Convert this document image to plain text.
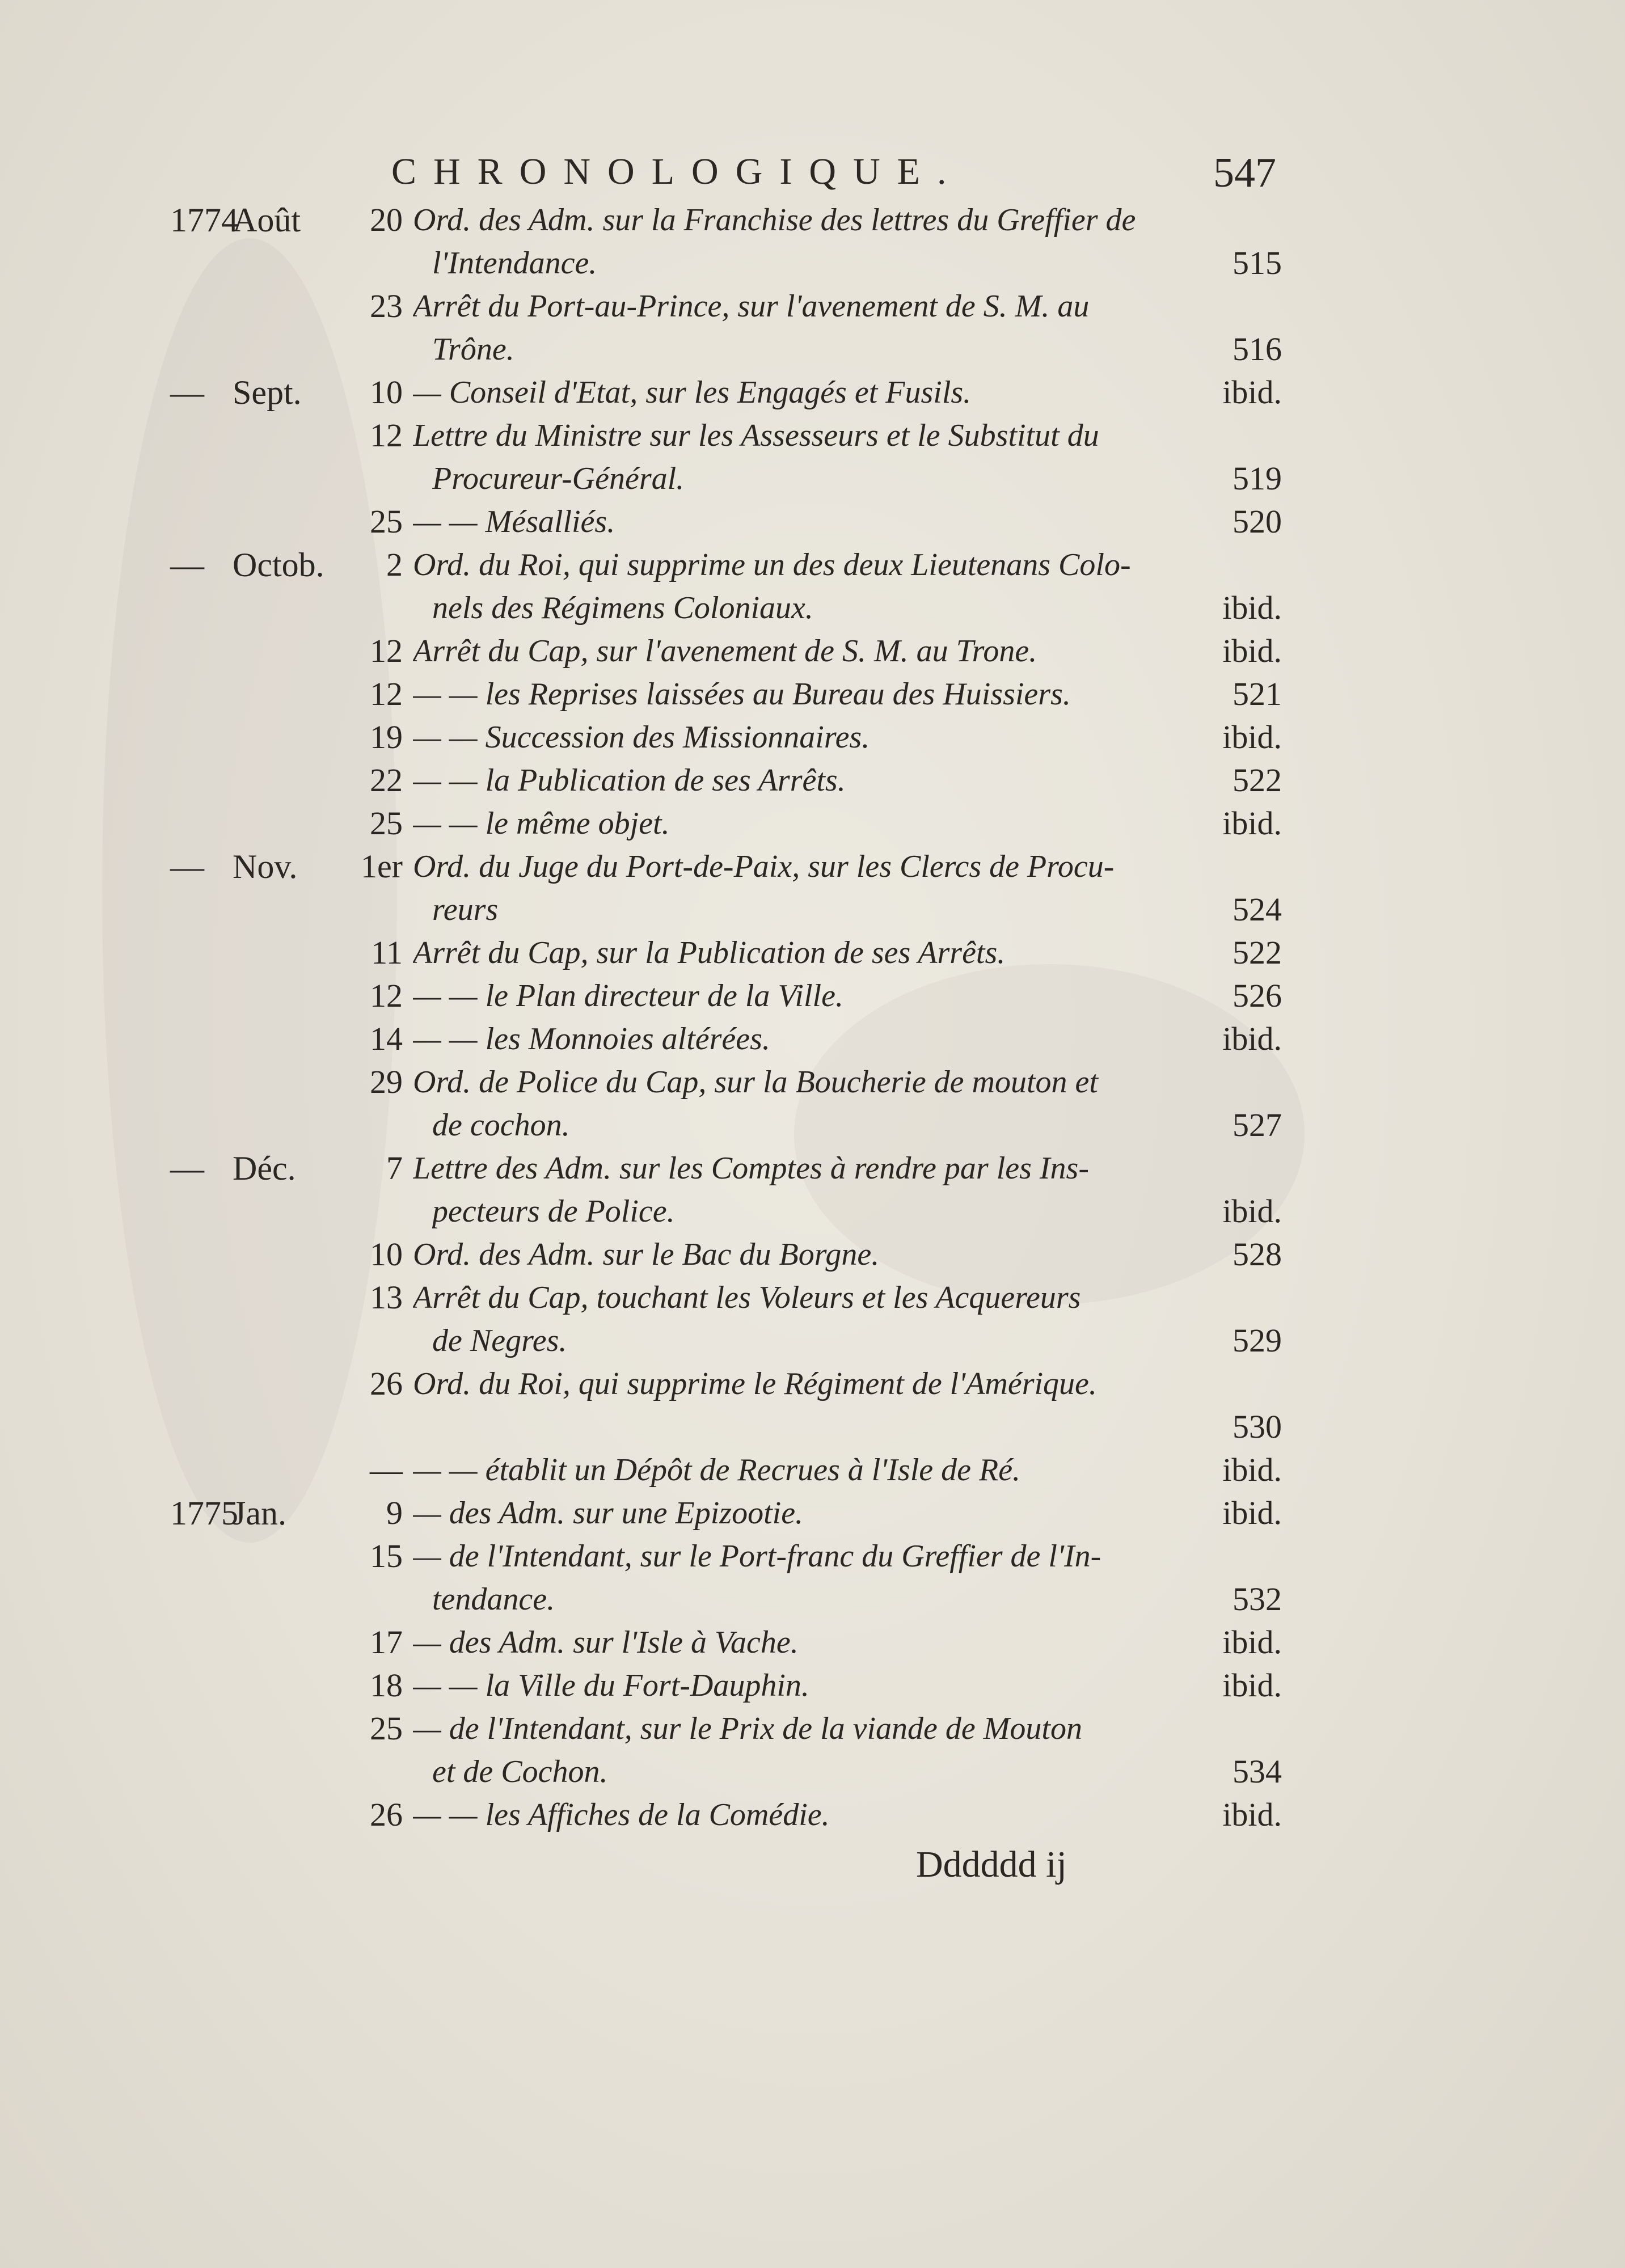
CHRONOLOGIQUE.	547
1774
Août	20 Ord. des Adm. sur la Franchise des lettres du Greffier de
l'Intendance.	515
23 Arrêt du Port-au-Prince, sur l'avenement de S. M. au
Trône.	516
— Sept.	10 — Conseil d'Etat, sur les Engagés et Fusils.	ibid.
12 Lettre du Ministre sur les Assesseurs et le Substitut du
Procureur-Général.	519
25 — — Mésalliés.	520
— Octob.	2 Ord. du Roi, qui supprime un des deux Lieutenans Colo-
nels des Régimens Coloniaux.	ibid.
12 Arrêt du Cap, sur l'avenement de S. M. au Trone.	ibid.
12 — — les Reprises laissées au Bureau des Huissiers.	521
19 — — Succession des Missionnaires.	ibid.
22 — — la Publication de ses Arrêts.	522
25 — — le même objet.	ibid.
— Nov.	1er Ord. du Juge du Port-de-Paix, sur les Clercs de Procu-
reurs	524
11 Arrêt du Cap, sur la Publication de ses Arrêts.	522
12 — — le Plan directeur de la Ville.	526
14 — — les Monnoies altérées.	ibid.
29 Ord. de Police du Cap, sur la Boucherie de mouton et
de cochon.	527
— Déc.	7 Lettre des Adm. sur les Comptes à rendre par les Ins-
pecteurs de Police.	ibid.
10 Ord. des Adm. sur le Bac du Borgne.	528
13 Arrêt du Cap, touchant les Voleurs et les Acquereurs
de Negres.	529
26 Ord. du Roi, qui supprime le Régiment de l'Amérique.
530
— — — établit un Dépôt de Recrues à l'Isle de Ré.	ibid.
1775
Jan.	9 — des Adm. sur une Epizootie.	ibid.
15 — de l'Intendant, sur le Port-franc du Greffier de l'In-
tendance.	532
17 — des Adm. sur l'Isle à Vache.	ibid.
18 — — la Ville du Fort-Dauphin.	ibid.
25 — de l'Intendant, sur le Prix de la viande de Mouton
et de Cochon.	534
26 — — les Affiches de la Comédie.	ibid.
Dddddd ij
